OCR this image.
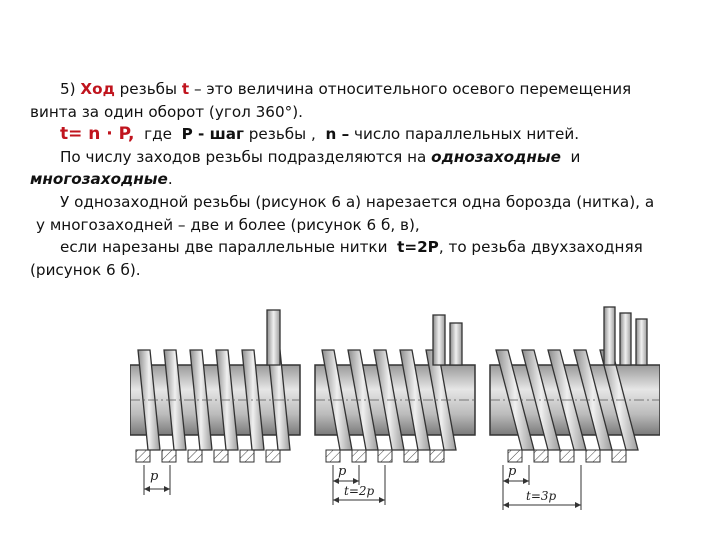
5) Ход резьбы t – это величина относительного осевого перемещения
винта за один оборот (угол 360°).
t= n · P, где P - шаг резьбы , n – число параллельных нитей.
По числу заходов резьбы подразделяются на однозаходные и
многозаходные.
У однозаходной резьбы (рисунок 6 а) нарезается одна борозда (нитка), а
у многозаходней – две и более (рисунок 6 б, в),
если нарезаны две параллельные нитки t=2P, то резьба двухзаходняя
(рисунок 6 б).
p	p
t=2p
p
t=3p
